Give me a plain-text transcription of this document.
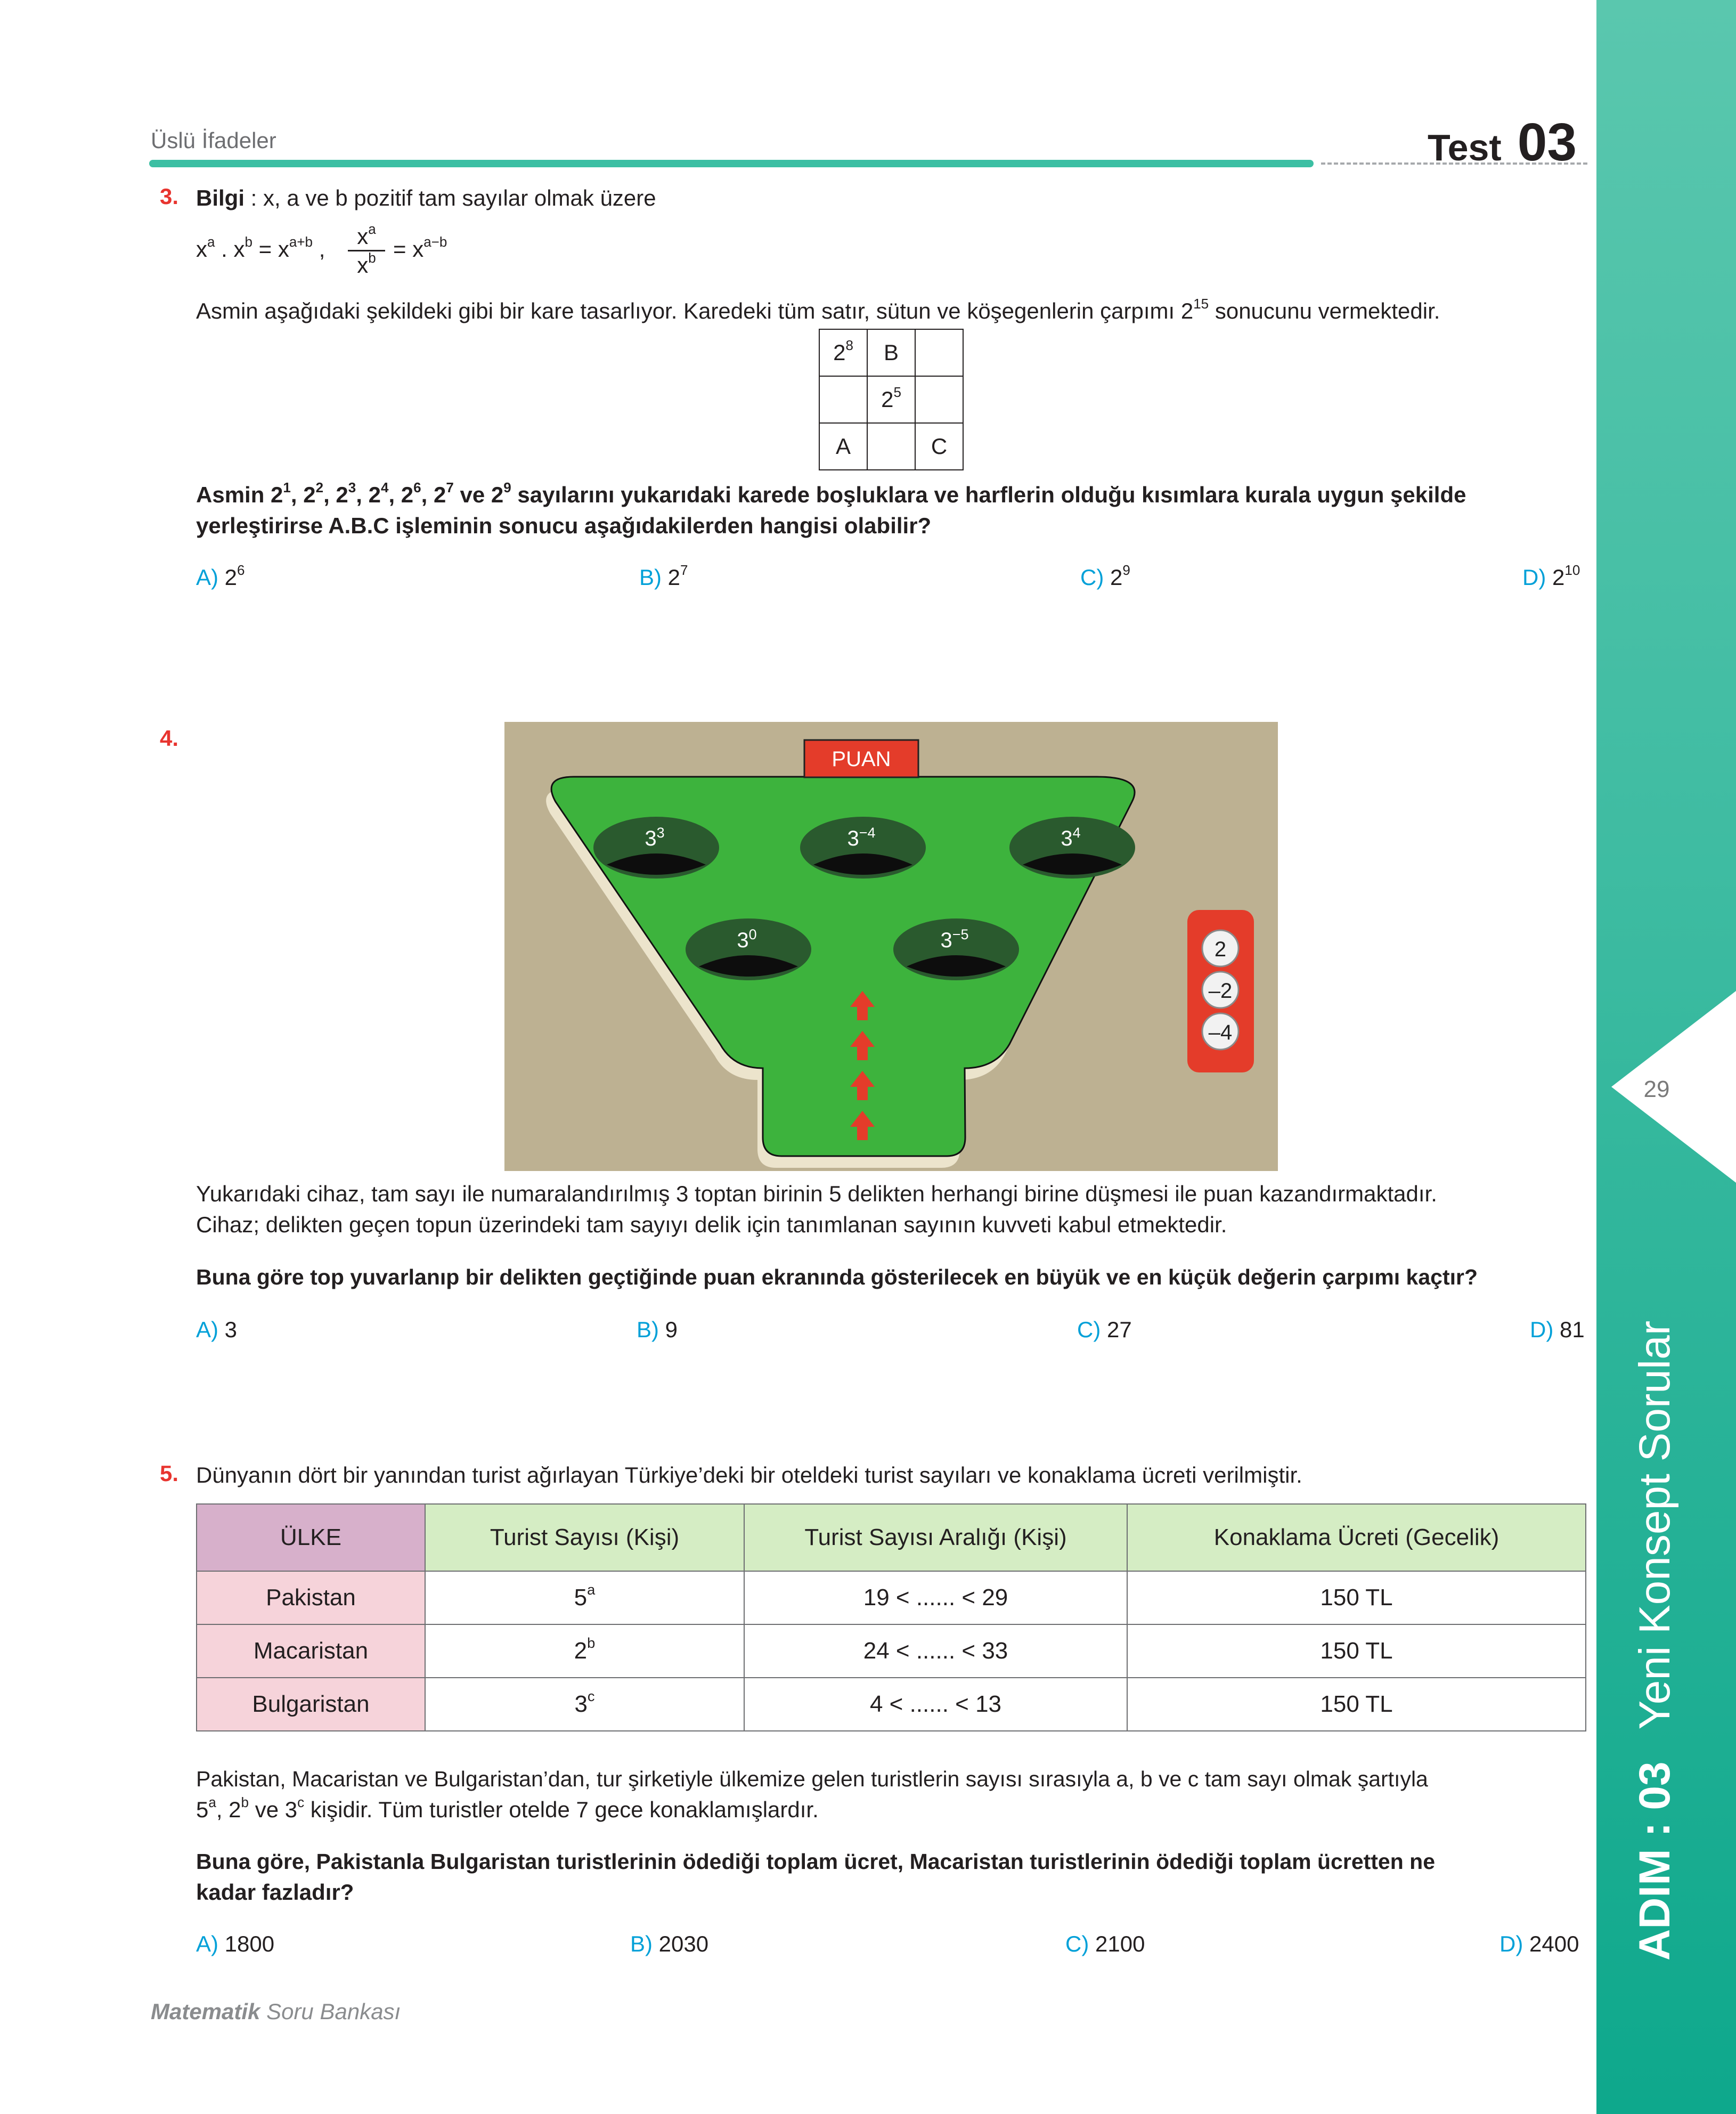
29
ADIM : 03Yeni Konsept Sorular
Üslü İfadeler	Test 03
3. Bilgi : x, a ve b pozitif tam sayılar olmak üzere
$x^a$ . $x^b = x^{a+b}$ ,
$x^a$
$x^b = x^{a-b}$
Asmin aşağıdaki şekildeki gibi bir kare tasarlıyor. Karedeki tüm satır, sütun ve köşegenlerin çarpımı $2^{15}$ sonucunu vermektedir.
$2^8$	B	
	$2^5$	
A		C
Asmin $2^1$, $2^2$, $2^3$, $2^4$, $2^6$, $2^7$ ve $2^9$ sayılarını yukarıdaki karede boşluklara ve harflerin olduğu kısımlara kurala uygun şekilde
yerleştirirse A.B.C işleminin sonucu aşağıdakilerden hangisi olabilir?
A) $2^6$	B) $2^7$	C) $2^9$	D) $2^{10}$
4.
PUAN
$3^3$	$3^{-4}$	$3^4$
$3^0$	$3^{-5}$
2
–2
–4
Yukarıdaki cihaz, tam sayı ile numaralandırılmış 3 toptan birinin 5 delikten herhangi birine düşmesi ile puan kazandırmaktadır.
Cihaz; delikten geçen topun üzerindeki tam sayıyı delik için tanımlanan sayının kuvveti kabul etmektedir.
Buna göre top yuvarlanıp bir delikten geçtiğinde puan ekranında gösterilecek en büyük ve en küçük değerin çarpımı kaçtır?
A) 3	B) 9	C) 27	D) 81
5. Dünyanın dört bir yanından turist ağırlayan Türkiye’deki bir oteldeki turist sayıları ve konaklama ücreti verilmiştir.
ÜLKE	Turist Sayısı (Kişi)	Turist Sayısı Aralığı (Kişi)	Konaklama Ücreti (Gecelik)
Pakistan	5$^a$	19 < ...... < 29	150 TL
Macaristan	2$^b$	24 < ...... < 33	150 TL
Bulgaristan	3$^c$	4 < ...... < 13	150 TL
Pakistan, Macaristan ve Bulgaristan’dan, tur şirketiyle ülkemize gelen turistlerin sayısı sırasıyla a, b ve c tam sayı olmak şartıyla
5$^a$, 2$^b$ ve 3$^c$ kişidir. Tüm turistler otelde 7 gece konaklamışlardır.
Buna göre, Pakistanla Bulgaristan turistlerinin ödediği toplam ücret, Macaristan turistlerinin ödediği toplam ücretten ne
kadar fazladır?
A) 1800	B) 2030	C) 2100	D) 2400
Matematik Soru Bankası
